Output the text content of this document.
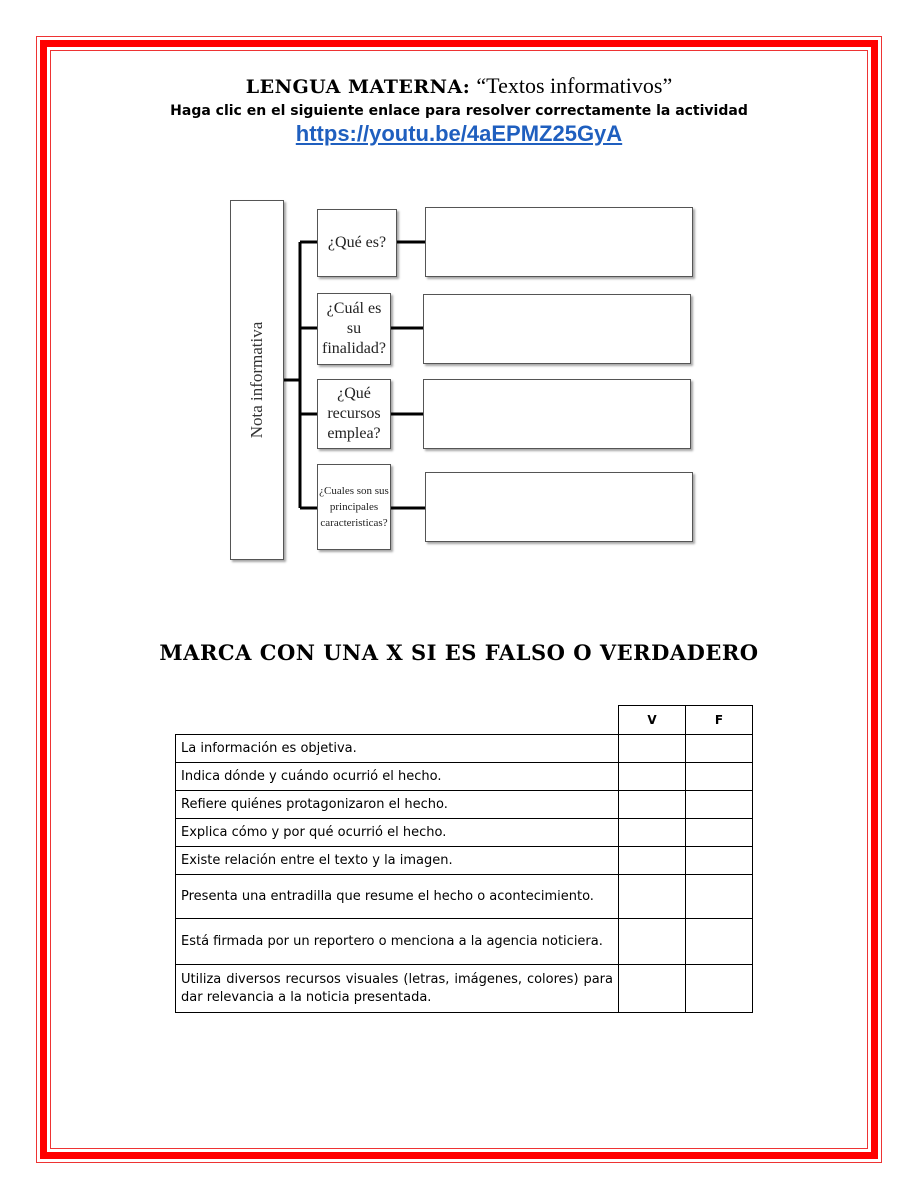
LENGUA MATERNA: “Textos informativos”
Haga clic en el siguiente enlace para resolver correctamente la actividad
https://youtu.be/4aEPMZ25GyA
Nota informativa
¿Qué es?
¿Cuál es su finalidad?
¿Qué recursos emplea?
¿Cuales son sus principales caracteristicas?
MARCA CON UNA X SI ES FALSO O VERDADERO
	V	F
La información es objetiva.		
Indica dónde y cuándo ocurrió el hecho.		
Refiere quiénes protagonizaron el hecho.		
Explica cómo y por qué ocurrió el hecho.		
Existe relación entre el texto y la imagen.		
Presenta una entradilla que resume el hecho o acontecimiento.		
Está firmada por un reportero o menciona a la agencia noticiera.		
Utiliza diversos recursos visuales (letras, imágenes, colores) para dar relevancia a la noticia presentada.		
